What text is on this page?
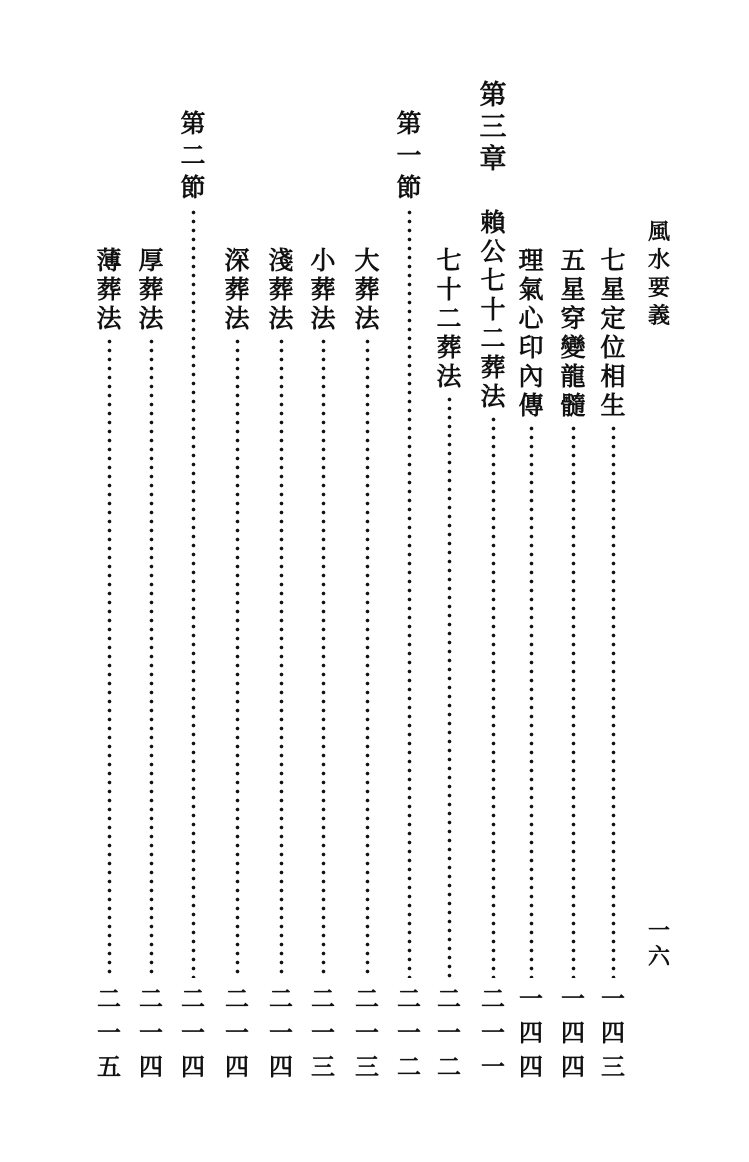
風水要義
一六
第三章
七星定位相生
一四三
五星穿變龍髓
一四四
理氣心印內傳
一四四
賴公七十二葬法
二一一
七十二葬法
二一二
第一節
二一二
大葬法
二一三
小葬法
二一三
淺葬法
二一四
深葬法
二一四
第二節
二一四
厚葬法
二一四
薄葬法
二一五
